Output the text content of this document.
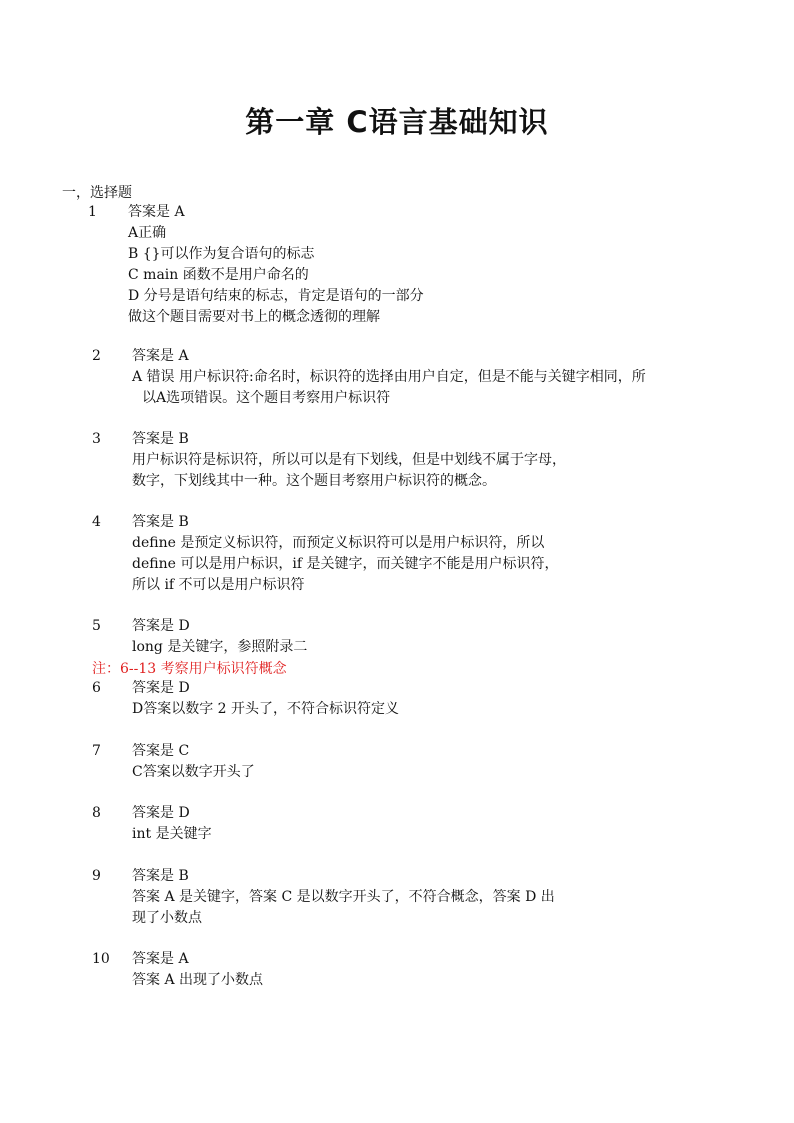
第一章 C语言基础知识
一，选择题
1	答案是 A
A正确
B {}可以作为复合语句的标志
C main 函数不是用户命名的
D 分号是语句结束的标志，肯定是语句的一部分
做这个题目需要对书上的概念透彻的理解
2	答案是 A
A 错误 用户标识符:命名时，标识符的选择由用户自定，但是不能与关键字相同，所
以A选项错误。这个题目考察用户标识符
3	答案是 B
用户标识符是标识符，所以可以是有下划线，但是中划线不属于字母，
数字，下划线其中一种。这个题目考察用户标识符的概念。
4	答案是 B
define 是预定义标识符，而预定义标识符可以是用户标识符，所以
define 可以是用户标识，if 是关键字，而关键字不能是用户标识符，
所以 if 不可以是用户标识符
5	答案是 D
long 是关键字，参照附录二
注：6--13 考察用户标识符概念
6	答案是 D
D答案以数字 2 开头了，不符合标识符定义
7	答案是 C
C答案以数字开头了
8	答案是 D
int 是关键字
9	答案是 B
答案 A 是关键字，答案 C 是以数字开头了，不符合概念，答案 D 出
现了小数点
10	答案是 A
答案 A 出现了小数点
